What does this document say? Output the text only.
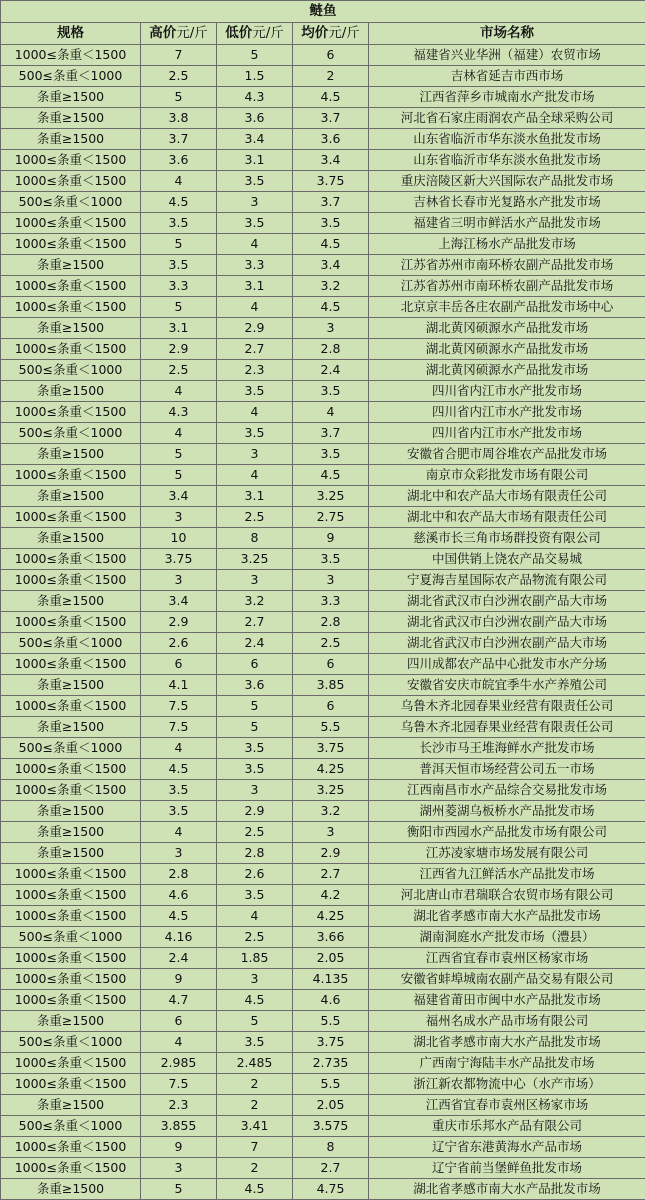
鲢鱼				
规格	高价元/斤	低价元/斤	均价元/斤	市场名称
1000≤条重＜1500	7	5	6	福建省兴业华洲（福建）农贸市场
500≤条重＜1000	2.5	1.5	2	吉林省延吉市西市场
条重≥1500	5	4.3	4.5	江西省萍乡市城南水产批发市场
条重≥1500	3.8	3.6	3.7	河北省石家庄雨润农产品全球采购公司
条重≥1500	3.7	3.4	3.6	山东省临沂市华东淡水鱼批发市场
1000≤条重＜1500	3.6	3.1	3.4	山东省临沂市华东淡水鱼批发市场
1000≤条重＜1500	4	3.5	3.75	重庆涪陵区新大兴国际农产品批发市场
500≤条重＜1000	4.5	3	3.7	吉林省长春市光复路水产批发市场
1000≤条重＜1500	3.5	3.5	3.5	福建省三明市鲜活水产品批发市场
1000≤条重＜1500	5	4	4.5	上海江杨水产品批发市场
条重≥1500	3.5	3.3	3.4	江苏省苏州市南环桥农副产品批发市场
1000≤条重＜1500	3.3	3.1	3.2	江苏省苏州市南环桥农副产品批发市场
1000≤条重＜1500	5	4	4.5	北京京丰岳各庄农副产品批发市场中心
条重≥1500	3.1	2.9	3	湖北黄冈硕源水产品批发市场
1000≤条重＜1500	2.9	2.7	2.8	湖北黄冈硕源水产品批发市场
500≤条重＜1000	2.5	2.3	2.4	湖北黄冈硕源水产品批发市场
条重≥1500	4	3.5	3.5	四川省内江市水产批发市场
1000≤条重＜1500	4.3	4	4	四川省内江市水产批发市场
500≤条重＜1000	4	3.5	3.7	四川省内江市水产批发市场
条重≥1500	5	3	3.5	安徽省合肥市周谷堆农产品批发市场
1000≤条重＜1500	5	4	4.5	南京市众彩批发市场有限公司
条重≥1500	3.4	3.1	3.25	湖北中和农产品大市场有限责任公司
1000≤条重＜1500	3	2.5	2.75	湖北中和农产品大市场有限责任公司
条重≥1500	10	8	9	慈溪市长三角市场群投资有限公司
1000≤条重＜1500	3.75	3.25	3.5	中国供销上饶农产品交易城
1000≤条重＜1500	3	3	3	宁夏海吉星国际农产品物流有限公司
条重≥1500	3.4	3.2	3.3	湖北省武汉市白沙洲农副产品大市场
1000≤条重＜1500	2.9	2.7	2.8	湖北省武汉市白沙洲农副产品大市场
500≤条重＜1000	2.6	2.4	2.5	湖北省武汉市白沙洲农副产品大市场
1000≤条重＜1500	6	6	6	四川成都农产品中心批发市水产分场
条重≥1500	4.1	3.6	3.85	安徽省安庆市皖宜季牛水产养殖公司
1000≤条重＜1500	7.5	5	6	乌鲁木齐北园春果业经营有限责任公司
条重≥1500	7.5	5	5.5	乌鲁木齐北园春果业经营有限责任公司
500≤条重＜1000	4	3.5	3.75	长沙市马王堆海鲜水产批发市场
1000≤条重＜1500	4.5	3.5	4.25	普洱天恒市场经营公司五一市场
1000≤条重＜1500	3.5	3	3.25	江西南昌市水产品综合交易批发市场
条重≥1500	3.5	2.9	3.2	湖州菱湖乌板桥水产品批发市场
条重≥1500	4	2.5	3	衡阳市西园水产品批发市场有限公司
条重≥1500	3	2.8	2.9	江苏凌家塘市场发展有限公司
1000≤条重＜1500	2.8	2.6	2.7	江西省九江鲜活水产品批发市场
1000≤条重＜1500	4.6	3.5	4.2	河北唐山市君瑞联合农贸市场有限公司
1000≤条重＜1500	4.5	4	4.25	湖北省孝感市南大水产品批发市场
500≤条重＜1000	4.16	2.5	3.66	湖南洞庭水产批发市场（澧县）
1000≤条重＜1500	2.4	1.85	2.05	江西省宜春市袁州区杨家市场
1000≤条重＜1500	9	3	4.135	安徽省蚌埠城南农副产品交易有限公司
1000≤条重＜1500	4.7	4.5	4.6	福建省莆田市闽中水产品批发市场
条重≥1500	6	5	5.5	福州名成水产品市场有限公司
500≤条重＜1000	4	3.5	3.75	湖北省孝感市南大水产品批发市场
1000≤条重＜1500	2.985	2.485	2.735	广西南宁海陆丰水产品批发市场
1000≤条重＜1500	7.5	2	5.5	浙江新农都物流中心（水产市场）
条重≥1500	2.3	2	2.05	江西省宜春市袁州区杨家市场
500≤条重＜1000	3.855	3.41	3.575	重庆市乐邦水产品有限公司
1000≤条重＜1500	9	7	8	辽宁省东港黄海水产品市场
1000≤条重＜1500	3	2	2.7	辽宁省前当堡鲜鱼批发市场
条重≥1500	5	4.5	4.75	湖北省孝感市南大水产品批发市场
